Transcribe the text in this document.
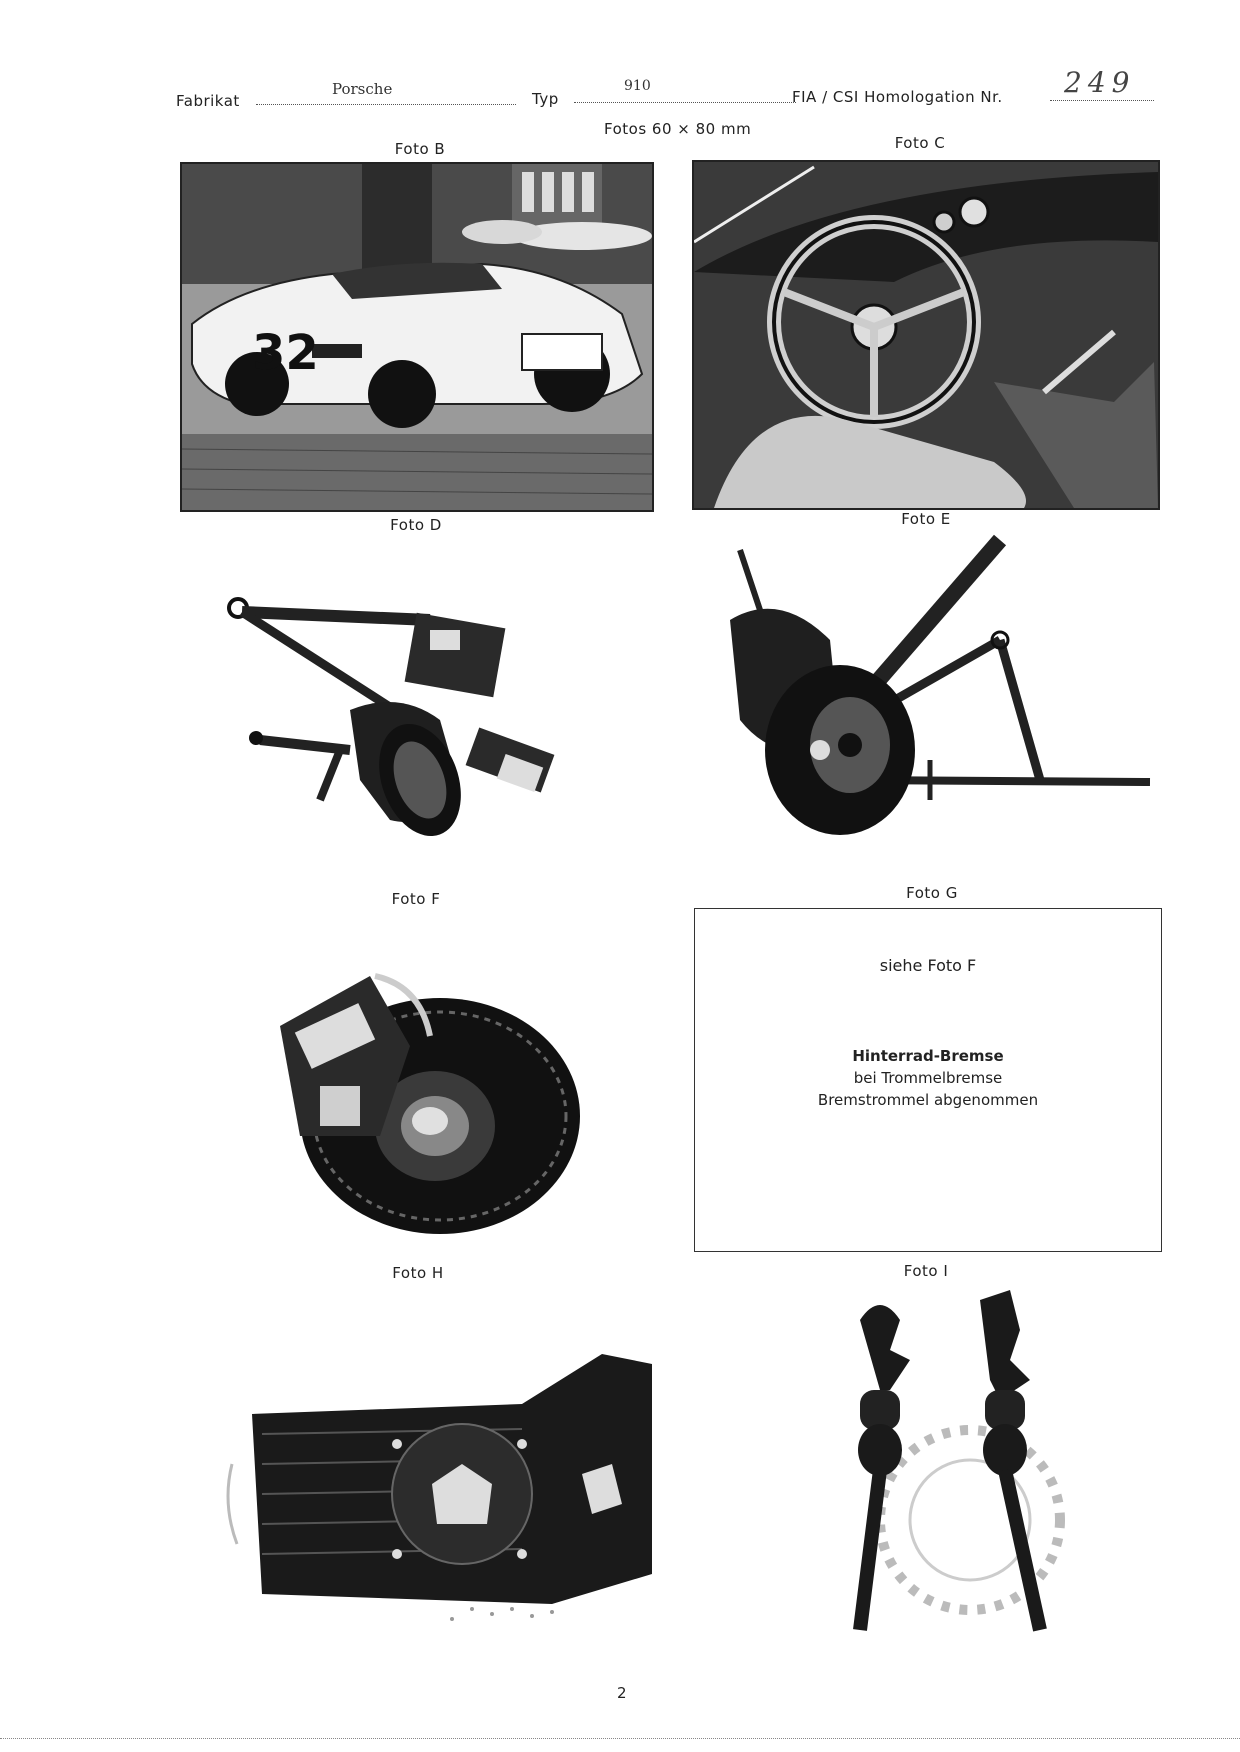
Fabrikat
Porsche
Typ
910
FIA / CSI Homologation Nr. 249
Fotos 60 × 80 mm
Foto B
32
Foto C
Foto D	Foto E
Foto F
siehe Foto F
Hinterrad-Bremse
bei Trommelbremse
Bremstrommel abgenommen
Foto G
Foto H	Foto I
2
